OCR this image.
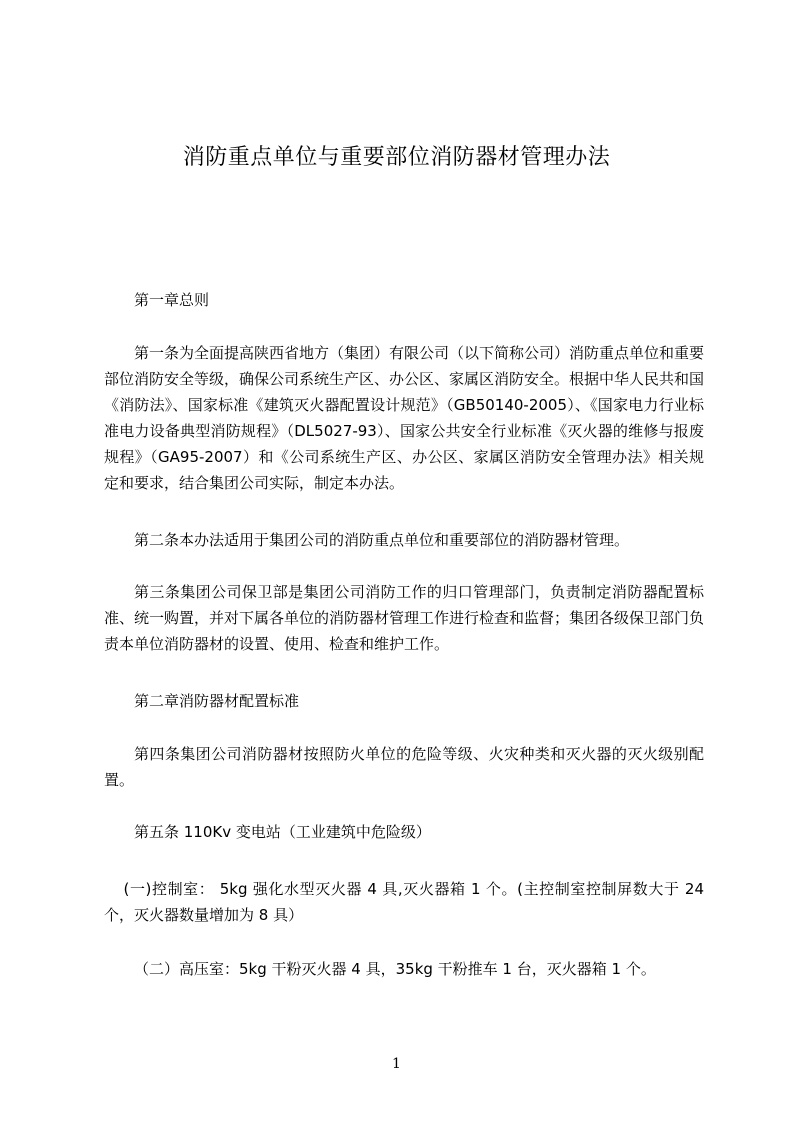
消防重点单位与重要部位消防器材管理办法
第一章总则
第一条为全面提高陕西省地方（集团）有限公司（以下简称公司）消防重点单位和重要部位消防安全等级，确保公司系统生产区、办公区、家属区消防安全。根据中华人民共和国《消防法》、国家标准《建筑灭火器配置设计规范》（GB50140-2005）、《国家电力行业标准电力设备典型消防规程》（DL5027-93）、国家公共安全行业标准《灭火器的维修与报废规程》（GA95-2007）和《公司系统生产区、办公区、家属区消防安全管理办法》相关规定和要求，结合集团公司实际，制定本办法。
第二条本办法适用于集团公司的消防重点单位和重要部位的消防器材管理。
第三条集团公司保卫部是集团公司消防工作的归口管理部门，负责制定消防器配置标准、统一购置，并对下属各单位的消防器材管理工作进行检查和监督；集团各级保卫部门负责本单位消防器材的设置、使用、检查和维护工作。
第二章消防器材配置标准
第四条集团公司消防器材按照防火单位的危险等级、火灾种类和灭火器的灭火级别配置。
第五条 110Kv 变电站（工业建筑中危险级）
(一)控制室： 5kg 强化水型灭火器 4 具,灭火器箱 1 个。(主控制室控制屏数大于 24 个，灭火器数量增加为 8 具）
（二）高压室：5kg 干粉灭火器 4 具，35kg 干粉推车 1 台，灭火器箱 1 个。
1
